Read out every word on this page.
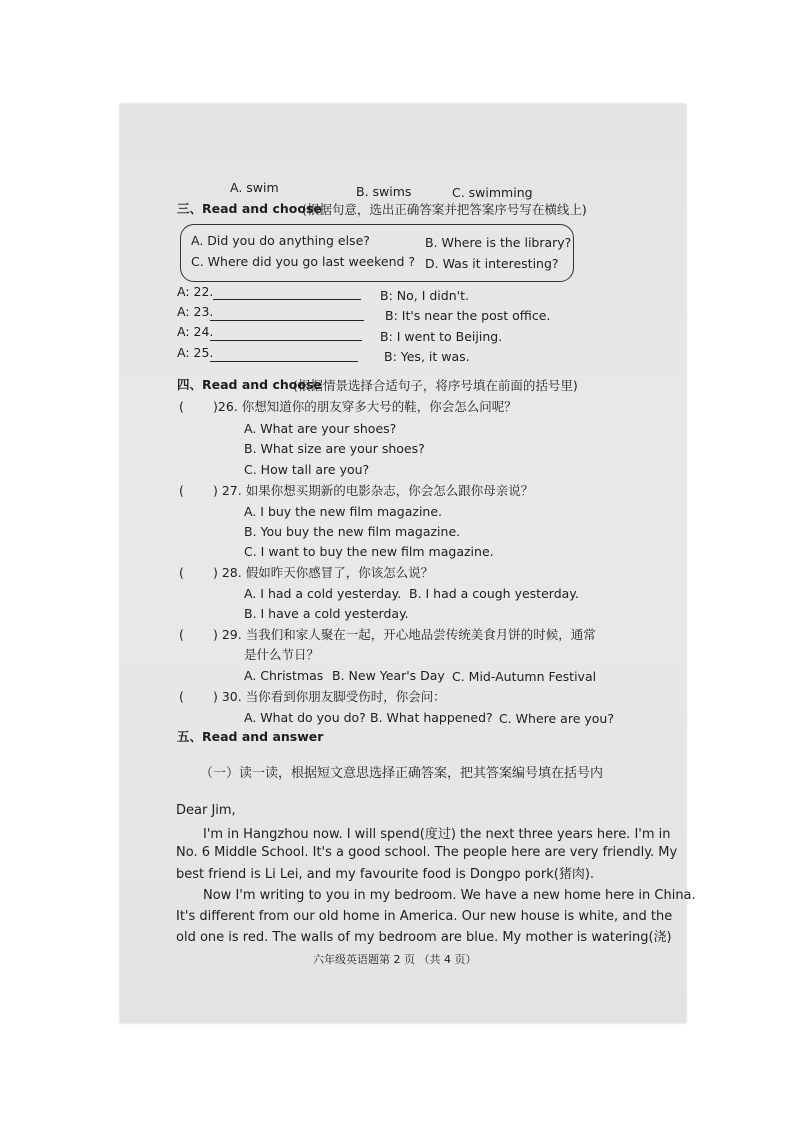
A. swim	B. swims	C. swimming
三、Read and choose
(根据句意，选出正确答案并把答案序号写在横线上)
A. Did you do anything else?	B. Where is the library?
C. Where did you go last weekend ? D. Was it interesting?
A: 22.	B: No, I didn't.
A: 23.	B: It's near the post office.
A: 24.	B: I went to Beijing.
A: 25.	B: Yes, it was.
四、Read and choose
(根据情景选择合适句子，将序号填在前面的括号里)
( )26. 你想知道你的朋友穿多大号的鞋，你会怎么问呢？
A. What are your shoes?
B. What size are your shoes?
C. How tall are you?
( ) 27. 如果你想买期新的电影杂志，你会怎么跟你母亲说？
A. I buy the new film magazine.
B. You buy the new film magazine.
C. I want to buy the new film magazine.
( ) 28. 假如昨天你感冒了，你该怎么说？
A. I had a cold yesterday. B. I had a cough yesterday.
B. I have a cold yesterday.
( ) 29. 当我们和家人聚在一起，开心地品尝传统美食月饼的时候，通常
是什么节日？
A. Christmas B. New Year's Day C. Mid-Autumn Festival
( ) 30. 当你看到你朋友脚受伤时，你会问：
A. What do you do? B. What happened? C. Where are you?
五、Read and answer
（一）读一读，根据短文意思选择正确答案，把其答案编号填在括号内
Dear Jim,
I'm in Hangzhou now. I will spend(度过) the next three years here. I'm in
No. 6 Middle School. It's a good school. The people here are very friendly. My
best friend is Li Lei, and my favourite food is Dongpo pork(猪肉).
Now I'm writing to you in my bedroom. We have a new home here in China.
It's different from our old home in America. Our new house is white, and the
old one is red. The walls of my bedroom are blue. My mother is watering(浇)
六年级英语题第 2 页 （共 4 页）
